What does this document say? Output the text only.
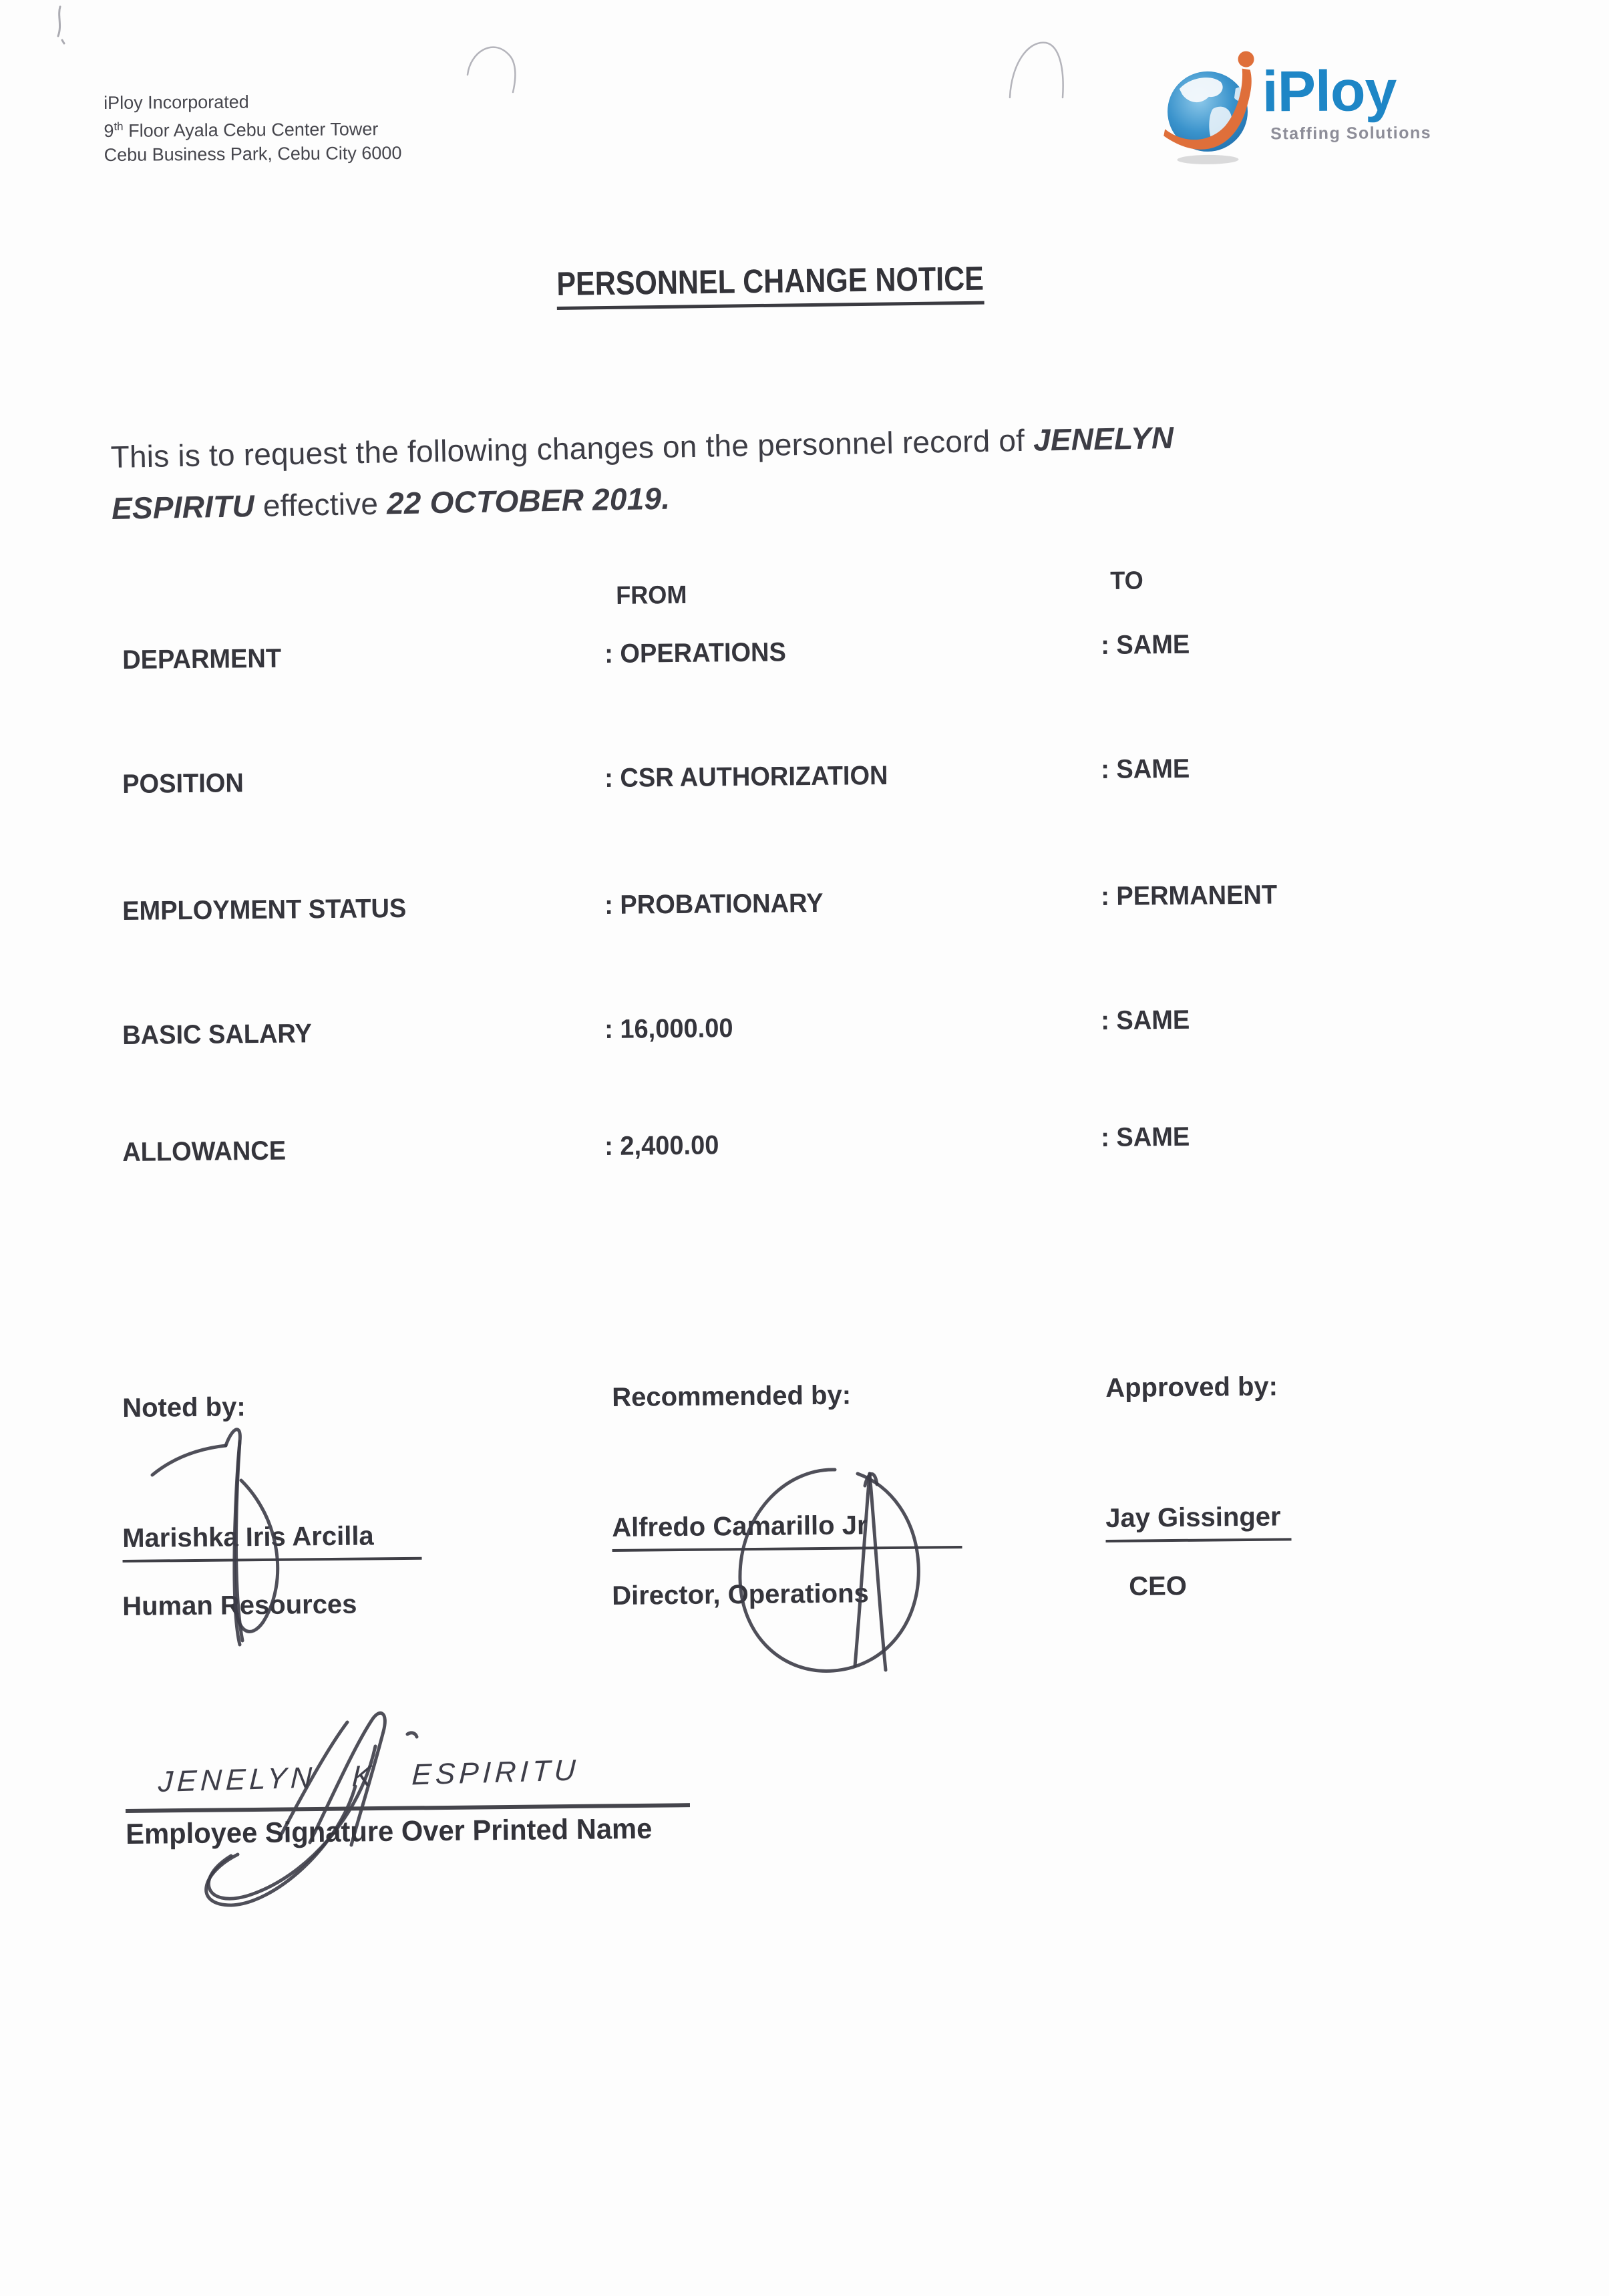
iPloy Incorporated
9th Floor Ayala Cebu Center Tower
Cebu Business Park, Cebu City 6000
iPloy
Staffing Solutions
PERSONNEL CHANGE NOTICE

This is to request the following changes on the personnel record of JENELYN
ESPIRITU effective 22 OCTOBER 2019.

FROM
TO
DEPARMENT	: OPERATIONS	: SAME
POSITION	: CSR AUTHORIZATION	: SAME
EMPLOYMENT STATUS	: PROBATIONARY	: PERMANENT
BASIC SALARY	: 16,000.00	: SAME
ALLOWANCE	: 2,400.00	: SAME
Noted by:
Marishka Iris Arcilla
Human Resources
Recommended by:
Alfredo Camarillo Jr
Director, Operations
Approved by:
Jay Gissinger
CEO
JENELYN K ESPIRITU
Employee Signature Over Printed Name
